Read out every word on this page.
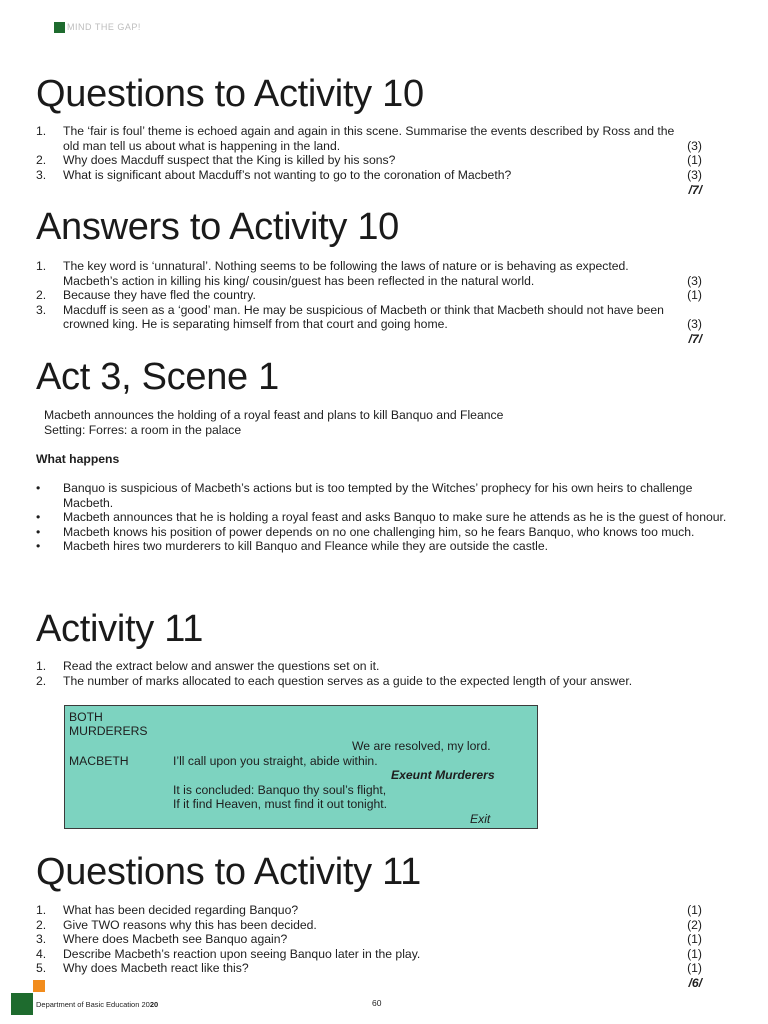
MIND THE GAP!
Questions to Activity 10
1.	The ‘fair is foul’ theme is echoed again and again in this scene. Summarise the events described by Ross and the old man tell us about what is happening in the land.	(3)
2.	Why does Macduff suspect that the King is killed by his sons?	(1)
3.	What is significant about Macduff’s not wanting to go to the coronation of Macbeth?	(3)
/7/
Answers to Activity 10
1.	The key word is ‘unnatural’. Nothing seems to be following the laws of nature or is behaving as expected. Macbeth’s action in killing his king/ cousin/guest has been reflected in the natural world.	(3)
2.	Because they have fled the country.	(1)
3.	Macduff is seen as a ‘good’ man. He may be suspicious of Macbeth or think that Macbeth should not have been crowned king. He is separating himself from that court and going home.	(3)
/7/
Act 3, Scene 1
Macbeth announces the holding of a royal feast and plans to kill Banquo and Fleance
Setting: Forres: a room in the palace
What happens
•	Banquo is suspicious of Macbeth’s actions but is too tempted by the Witches’ prophecy for his own heirs to challenge Macbeth.
•	Macbeth announces that he is holding a royal feast and asks Banquo to make sure he attends as he is the guest of honour.
•	Macbeth knows his position of power depends on no one challenging him, so he fears Banquo, who knows too much.
•	Macbeth hires two murderers to kill Banquo and Fleance while they are outside the castle.
Activity 11
1.	Read the extract below and answer the questions set on it.
2.	The number of marks allocated to each question serves as a guide to the expected length of your answer.
BOTH
MURDERERS
We are resolved, my lord.
MACBETH	I’ll call upon you straight, abide within.
Exeunt Murderers
It is concluded: Banquo thy soul’s flight,
If it find Heaven, must find it out tonight.
Exit
Questions to Activity 11
1.	What has been decided regarding Banquo?	(1)
2.	Give TWO reasons why this has been decided.	(2)
3.	Where does Macbeth see Banquo again?	(1)
4.	Describe Macbeth’s reaction upon seeing Banquo later in the play.	(1)
5.	Why does Macbeth react like this?	(1)
/6/
Department of Basic Education 2020	60
